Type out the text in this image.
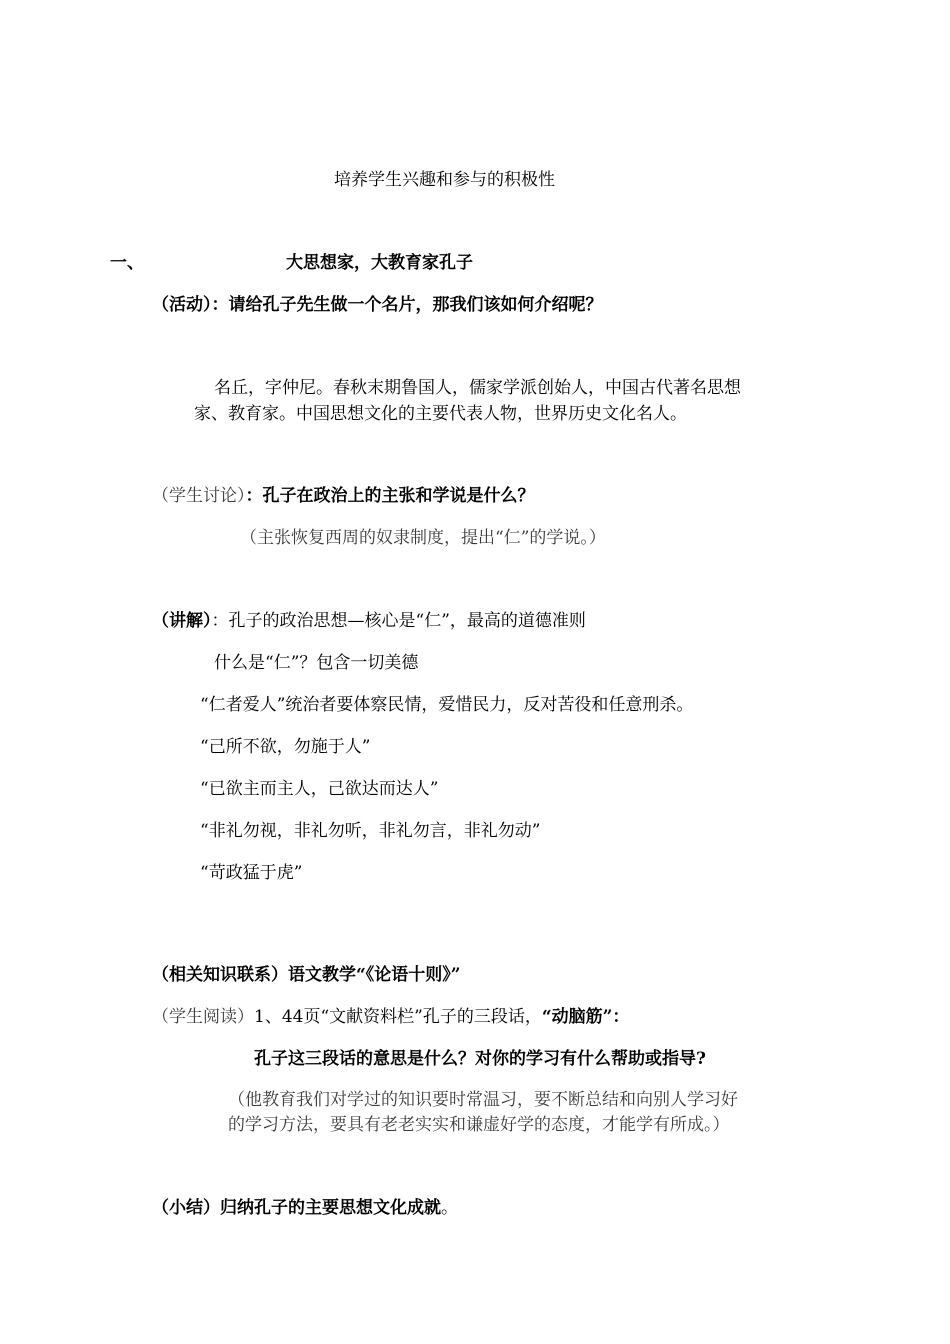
培养学生兴趣和参与的积极性
一、	大思想家，大教育家孔子
（活动）：请给孔子先生做一个名片，那我们该如何介绍呢？
名丘，字仲尼。春秋末期鲁国人，儒家学派创始人，中国古代著名思想
家、教育家。中国思想文化的主要代表人物，世界历史文化名人。
（学生讨论）：孔子在政治上的主张和学说是什么？
（主张恢复西周的奴隶制度，提出“仁”的学说。）
（讲解）：孔子的政治思想—核心是“仁”，最高的道德准则
什么是“仁”？包含一切美德
“仁者爱人”统治者要体察民情，爱惜民力，反对苦役和任意刑杀。
“己所不欲，勿施于人”
“已欲主而主人，己欲达而达人”
“非礼勿视，非礼勿听，非礼勿言，非礼勿动”
“苛政猛于虎”
（相关知识联系）语文教学“《论语十则》”
（学生阅读）1、44页“文献资料栏”孔子的三段话，“动脑筋”：
孔子这三段话的意思是什么？对你的学习有什么帮助或指导?
（他教育我们对学过的知识要时常温习，要不断总结和向别人学习好
的学习方法，要具有老老实实和谦虚好学的态度，才能学有所成。）
（小结）归纳孔子的主要思想文化成就。
